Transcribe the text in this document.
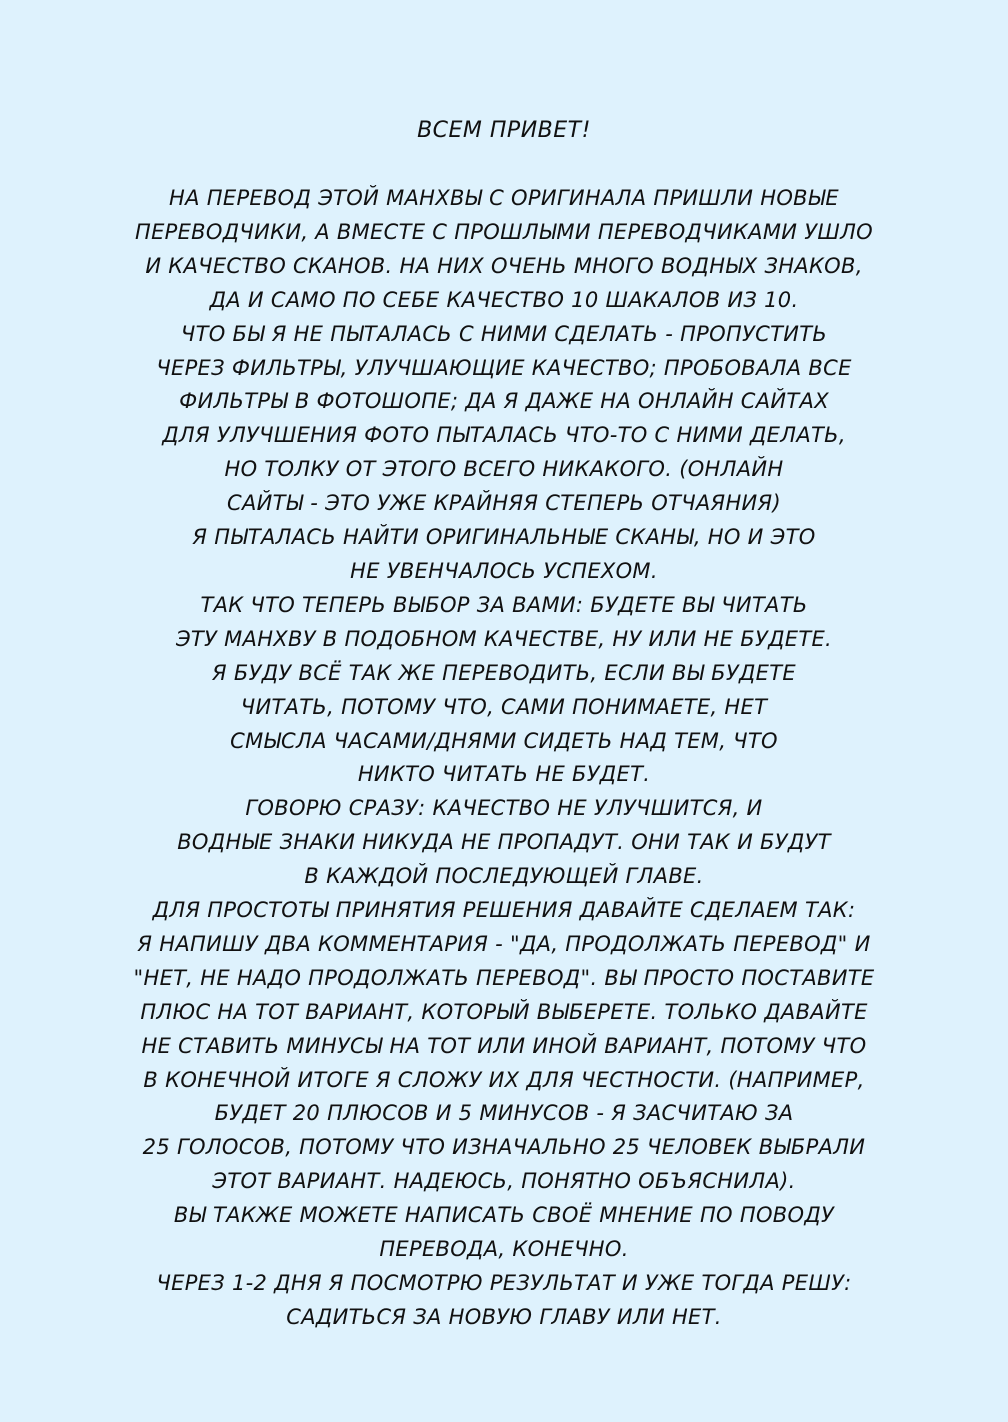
ВСЕМ ПРИВЕТ!
НА ПЕРЕВОД ЭТОЙ МАНХВЫ С ОРИГИНАЛА ПРИШЛИ НОВЫЕ
ПЕРЕВОДЧИКИ, А ВМЕСТЕ С ПРОШЛЫМИ ПЕРЕВОДЧИКАМИ УШЛО
И КАЧЕСТВО СКАНОВ. НА НИХ ОЧЕНЬ МНОГО ВОДНЫХ ЗНАКОВ,
ДА И САМО ПО СЕБЕ КАЧЕСТВО 10 ШАКАЛОВ ИЗ 10.
ЧТО БЫ Я НЕ ПЫТАЛАСЬ С НИМИ СДЕЛАТЬ - ПРОПУСТИТЬ
ЧЕРЕЗ ФИЛЬТРЫ, УЛУЧШАЮЩИЕ КАЧЕСТВО; ПРОБОВАЛА ВСЕ
ФИЛЬТРЫ В ФОТОШОПЕ; ДА Я ДАЖЕ НА ОНЛАЙН САЙТАХ
ДЛЯ УЛУЧШЕНИЯ ФОТО ПЫТАЛАСЬ ЧТО-ТО С НИМИ ДЕЛАТЬ,
НО ТОЛКУ ОТ ЭТОГО ВСЕГО НИКАКОГО. (ОНЛАЙН
САЙТЫ - ЭТО УЖЕ КРАЙНЯЯ СТЕПЕРЬ ОТЧАЯНИЯ)
Я ПЫТАЛАСЬ НАЙТИ ОРИГИНАЛЬНЫЕ СКАНЫ, НО И ЭТО
НЕ УВЕНЧАЛОСЬ УСПЕХОМ.
ТАК ЧТО ТЕПЕРЬ ВЫБОР ЗА ВАМИ: БУДЕТЕ ВЫ ЧИТАТЬ
ЭТУ МАНХВУ В ПОДОБНОМ КАЧЕСТВЕ, НУ ИЛИ НЕ БУДЕТЕ.
Я БУДУ ВСЁ ТАК ЖЕ ПЕРЕВОДИТЬ, ЕСЛИ ВЫ БУДЕТЕ
ЧИТАТЬ, ПОТОМУ ЧТО, САМИ ПОНИМАЕТЕ, НЕТ
СМЫСЛА ЧАСАМИ/ДНЯМИ СИДЕТЬ НАД ТЕМ, ЧТО
НИКТО ЧИТАТЬ НЕ БУДЕТ.
ГОВОРЮ СРАЗУ: КАЧЕСТВО НЕ УЛУЧШИТСЯ, И
ВОДНЫЕ ЗНАКИ НИКУДА НЕ ПРОПАДУТ. ОНИ ТАК И БУДУТ
В КАЖДОЙ ПОСЛЕДУЮЩЕЙ ГЛАВЕ.
ДЛЯ ПРОСТОТЫ ПРИНЯТИЯ РЕШЕНИЯ ДАВАЙТЕ СДЕЛАЕМ ТАК:
Я НАПИШУ ДВА КОММЕНТАРИЯ - "ДА, ПРОДОЛЖАТЬ ПЕРЕВОД" И
"НЕТ, НЕ НАДО ПРОДОЛЖАТЬ ПЕРЕВОД". ВЫ ПРОСТО ПОСТАВИТЕ
ПЛЮС НА ТОТ ВАРИАНТ, КОТОРЫЙ ВЫБЕРЕТЕ. ТОЛЬКО ДАВАЙТЕ
НЕ СТАВИТЬ МИНУСЫ НА ТОТ ИЛИ ИНОЙ ВАРИАНТ, ПОТОМУ ЧТО
В КОНЕЧНОЙ ИТОГЕ Я СЛОЖУ ИХ ДЛЯ ЧЕСТНОСТИ. (НАПРИМЕР,
БУДЕТ 20 ПЛЮСОВ И 5 МИНУСОВ - Я ЗАСЧИТАЮ ЗА
25 ГОЛОСОВ, ПОТОМУ ЧТО ИЗНАЧАЛЬНО 25 ЧЕЛОВЕК ВЫБРАЛИ
ЭТОТ ВАРИАНТ. НАДЕЮСЬ, ПОНЯТНО ОБЪЯСНИЛА).
ВЫ ТАКЖЕ МОЖЕТЕ НАПИСАТЬ СВОЁ МНЕНИЕ ПО ПОВОДУ
ПЕРЕВОДА, КОНЕЧНО.
ЧЕРЕЗ 1-2 ДНЯ Я ПОСМОТРЮ РЕЗУЛЬТАТ И УЖЕ ТОГДА РЕШУ:
САДИТЬСЯ ЗА НОВУЮ ГЛАВУ ИЛИ НЕТ.
